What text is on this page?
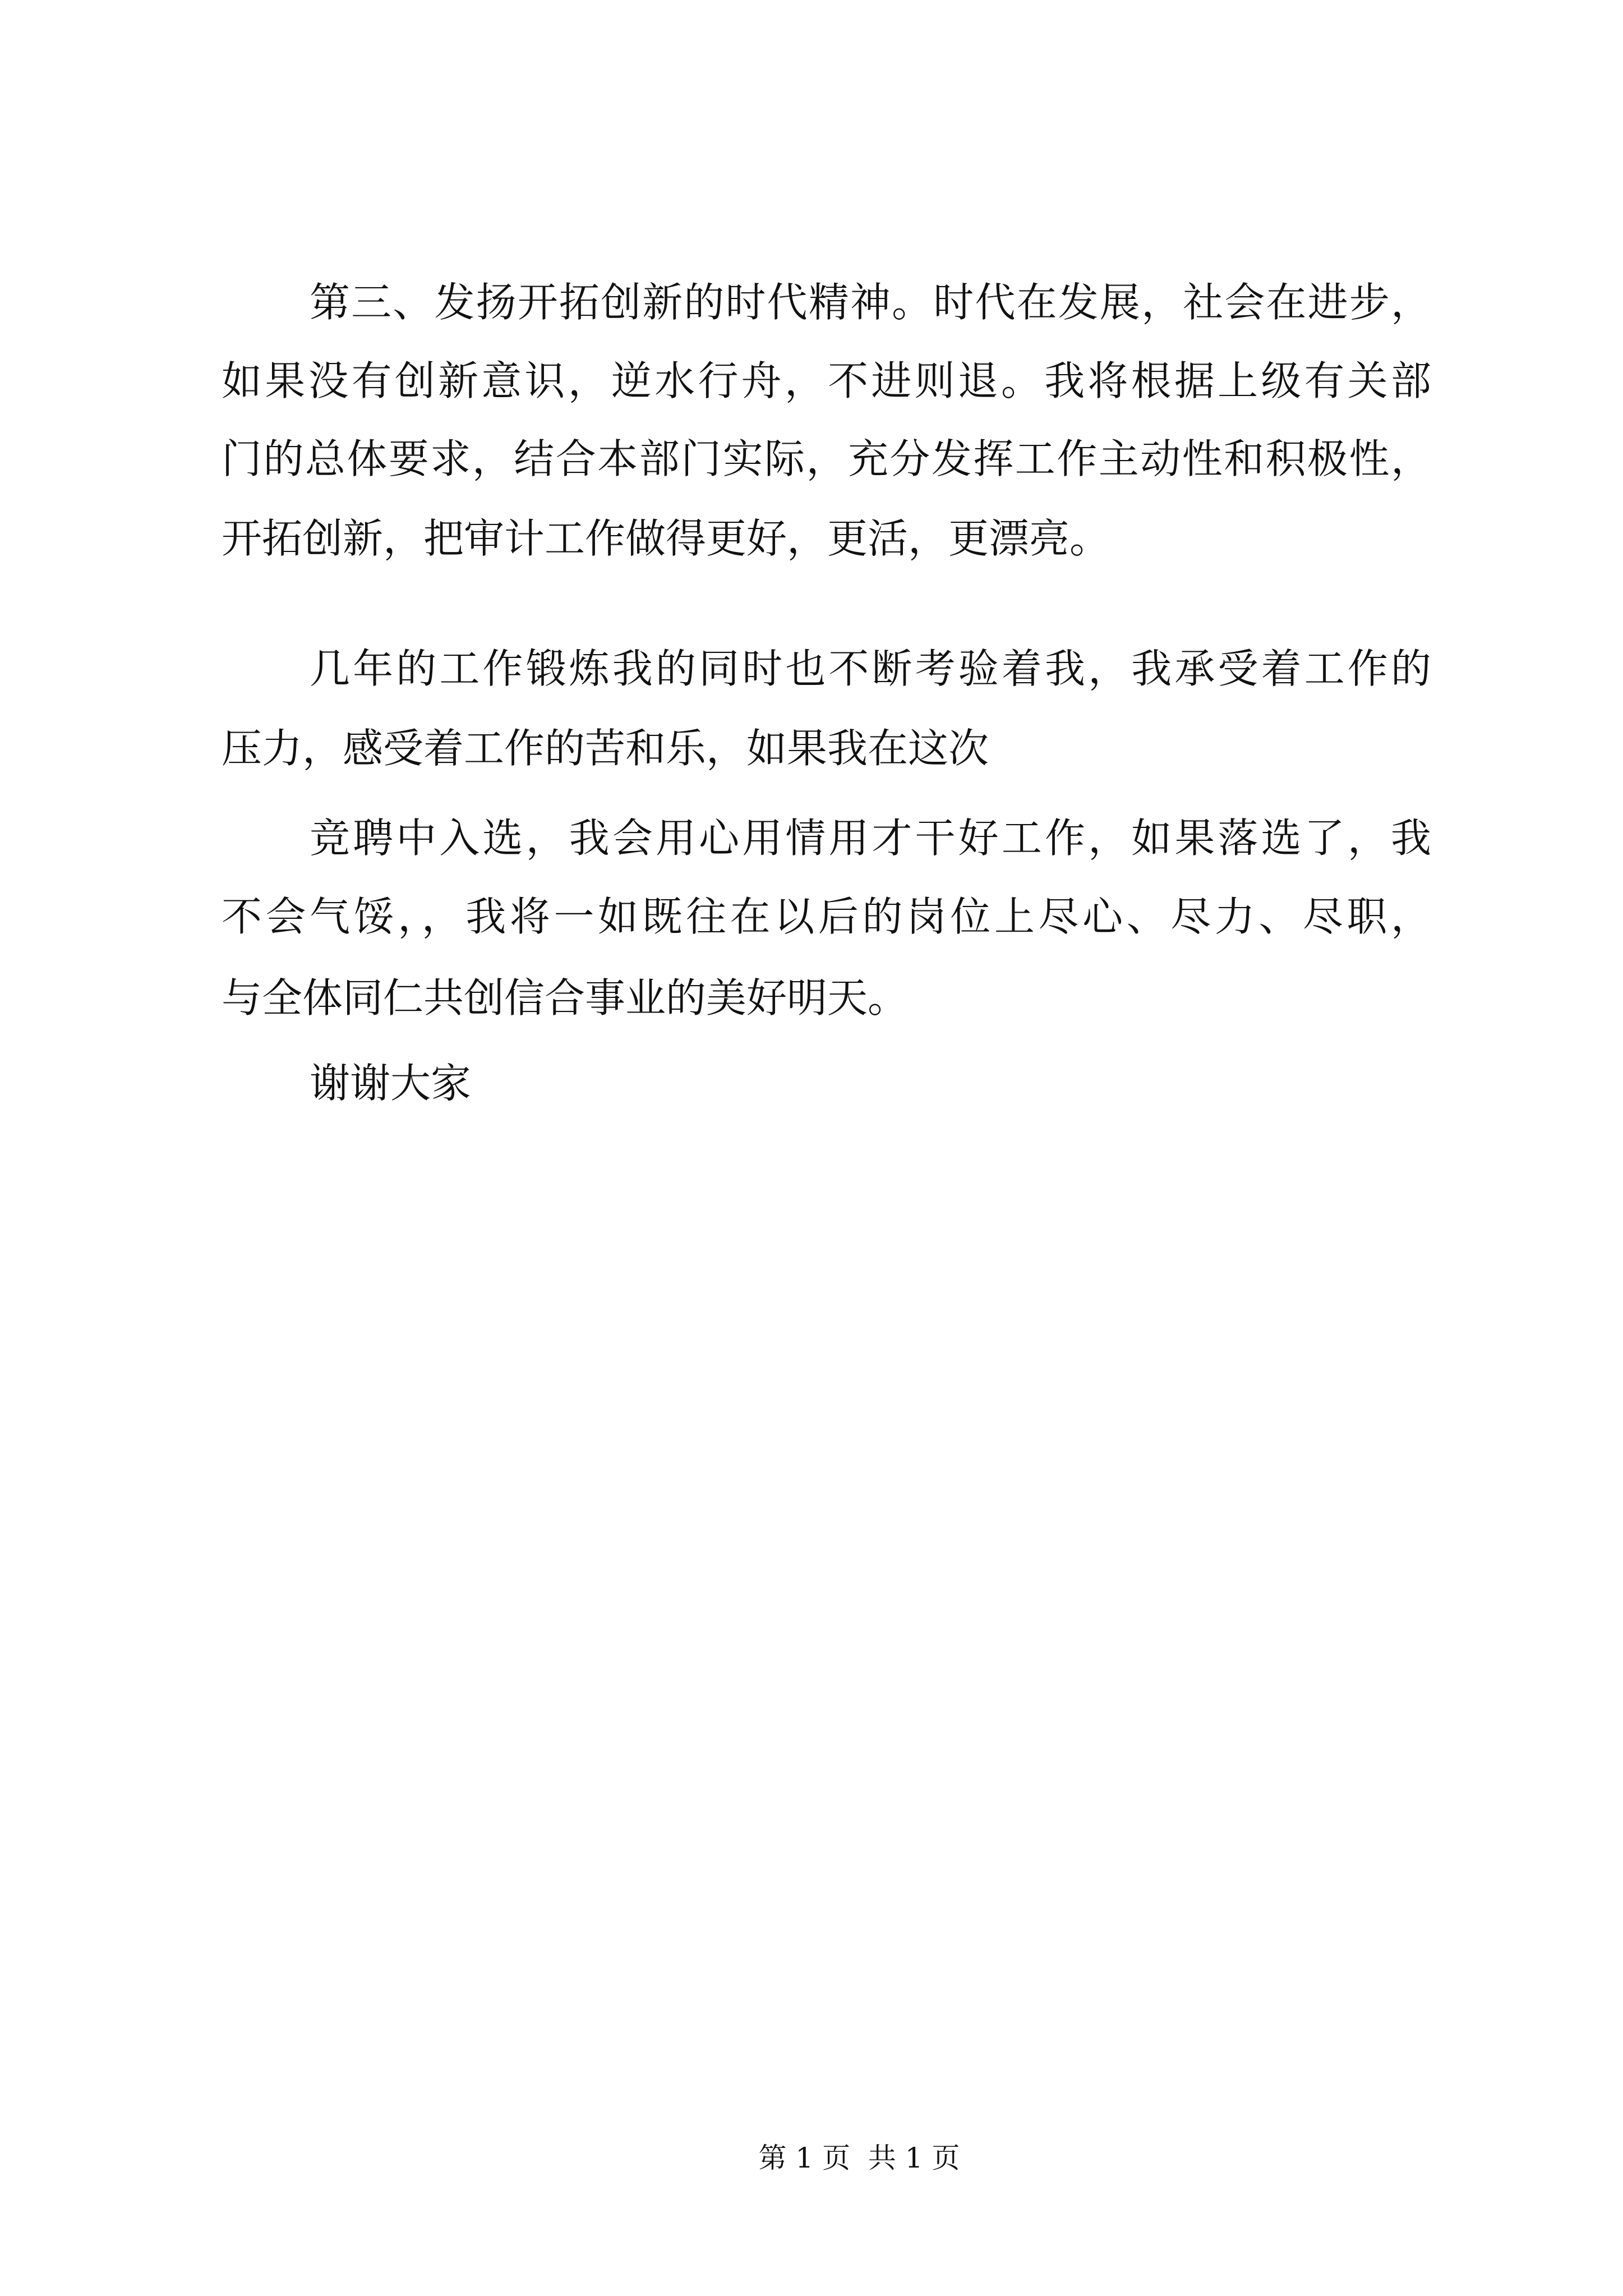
第三、发扬开拓创新的时代精神。时代在发展，社会在进步，
如果没有创新意识，逆水行舟，不进则退。我将根据上级有关部
门的总体要求，结合本部门实际，充分发挥工作主动性和积极性，
开拓创新，把审计工作做得更好，更活，更漂亮。
几年的工作锻炼我的同时也不断考验着我，我承受着工作的
压力，感受着工作的苦和乐，如果我在这次
竞聘中入选，我会用心用情用才干好工作，如果落选了，我
不会气馁，，我将一如既往在以后的岗位上尽心、尽力、尽职，
与全体同仁共创信合事业的美好明天。
谢谢大家
第 1 页  共 1 页
